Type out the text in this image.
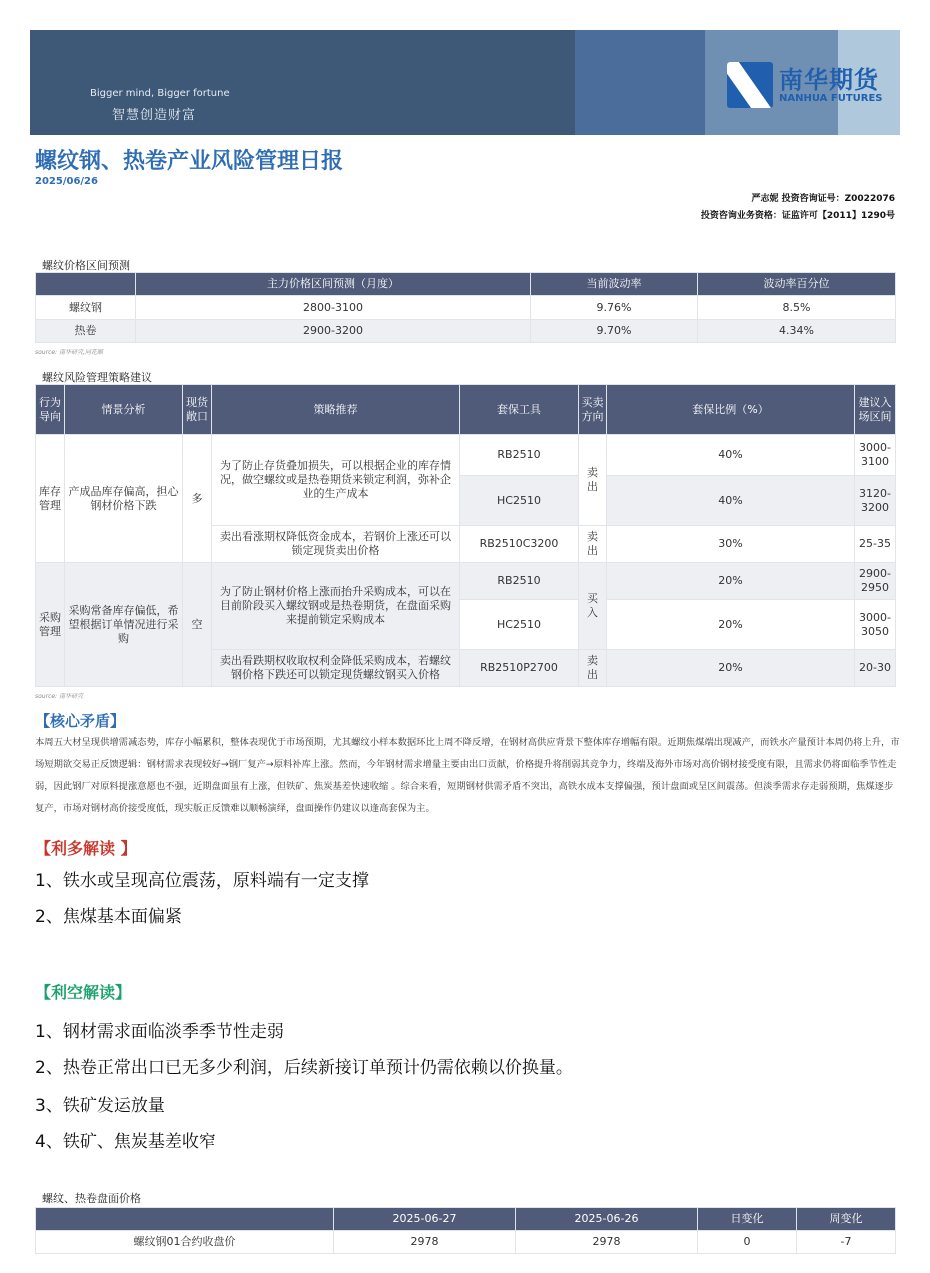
Bigger mind, Bigger fortune
智慧创造财富
南华期货
NANHUA FUTURES
螺纹钢、热卷产业风险管理日报
2025/06/26
严志妮 投资咨询证号：Z0022076
投资咨询业务资格：证监许可【2011】1290号
螺纹价格区间预测
	主力价格区间预测（月度）	当前波动率	波动率百分位
螺纹钢	2800-3100	9.76%	8.5%
热卷	2900-3200	9.70%	4.34%
source: 南华研究,同花顺
螺纹风险管理策略建议
行为导向	情景分析	现货敞口	策略推荐	套保工具	买卖方向	套保比例（%）	建议入场区间
库存管理	产成品库存偏高，担心钢材价格下跌	多	为了防止存货叠加损失，可以根据企业的库存情况，做空螺纹或是热卷期货来锁定利润，弥补企业的生产成本	RB2510	卖出	40%	3000-3100
				HC2510		40%	3120-3200
			卖出看涨期权降低资金成本，若钢价上涨还可以锁定现货卖出价格	RB2510C3200	卖出	30%	25-35
采购管理	采购常备库存偏低，希望根据订单情况进行采购	空	为了防止钢材价格上涨而抬升采购成本，可以在目前阶段买入螺纹钢或是热卷期货，在盘面采购来提前锁定采购成本	RB2510	买入	20%	2900-2950
				HC2510		20%	3000-3050
			卖出看跌期权收取权利金降低采购成本，若螺纹钢价格下跌还可以锁定现货螺纹钢买入价格	RB2510P2700	卖出	20%	20-30
source: 南华研究
【核心矛盾】
本周五大材呈现供增需减态势，库存小幅累积，整体表现优于市场预期，尤其螺纹小样本数据环比上周不降反增，在钢材高供应背景下整体库存增幅有限。近期焦煤端出现减产，而铁水产量预计本周仍将上升，市场短期欲交易正反馈逻辑：钢材需求表现较好→钢厂复产→原料补库上涨。然而，今年钢材需求增量主要由出口贡献，价格提升将削弱其竞争力，终端及海外市场对高价钢材接受度有限，且需求仍将面临季节性走弱，因此钢厂对原料提涨意愿也不强，近期盘面虽有上涨，但铁矿、焦炭基差快速收缩 。综合来看，短期钢材供需矛盾不突出，高铁水成本支撑偏强，预计盘面或呈区间震荡。但淡季需求存走弱预期，焦煤逐步复产，市场对钢材高价接受度低，现实版正反馈难以顺畅演绎，盘面操作仍建议以逢高套保为主。
【利多解读 】
1、铁水或呈现高位震荡，原料端有一定支撑
2、焦煤基本面偏紧
【利空解读】
1、钢材需求面临淡季季节性走弱
2、热卷正常出口已无多少利润，后续新接订单预计仍需依赖以价换量。
3、铁矿发运放量
4、铁矿、焦炭基差收窄
螺纹、热卷盘面价格
	2025-06-27	2025-06-26	日变化	周变化
螺纹钢01合约收盘价	2978	2978	0	-7
